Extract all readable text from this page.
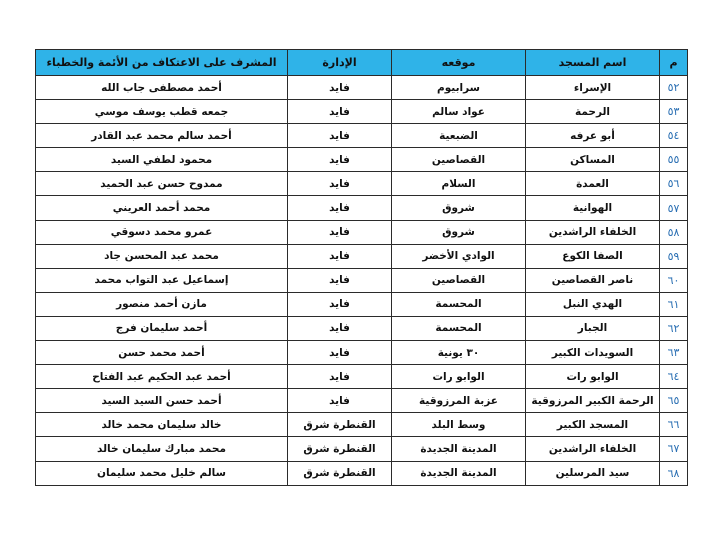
م	اسم المسجد	موقعه	الإدارة	المشرف على الاعتكاف من الأئمة والخطباء
٥٢	الإسراء	سرابيوم	فايد	أحمد مصطفى جاب الله
٥٣	الرحمة	عواد سالم	فايد	جمعه قطب يوسف موسي
٥٤	أبو عرفه	الضبعية	فايد	أحمد سالم محمد عبد القادر
٥٥	المساكن	القصاصين	فايد	محمود لطفي السيد
٥٦	العمدة	السلام	فايد	ممدوح حسن عبد الحميد
٥٧	الهوانية	شروق	فايد	محمد أحمد العريني
٥٨	الخلفاء الراشدين	شروق	فايد	عمرو محمد دسوقي
٥٩	الصفا الكوع	الوادي الأخضر	فايد	محمد عبد المحسن جاد
٦٠	ناصر القصاصين	القصاصين	فايد	إسماعيل عبد التواب محمد
٦١	الهدي النبل	المحسمة	فايد	مازن أحمد منصور
٦٢	الجبار	المحسمة	فايد	أحمد سليمان فرج
٦٣	السويدات الكبير	٣٠ يونية	فايد	أحمد محمد حسن
٦٤	الوابو رات	الوابو رات	فايد	أحمد عبد الحكيم عبد الفتاح
٦٥	الرحمة الكبير المرزوقية	عزبة المرزوقية	فايد	أحمد حسن السيد السيد
٦٦	المسجد الكبير	وسط البلد	القنطرة شرق	خالد سليمان محمد خالد
٦٧	الخلفاء الراشدين	المدينة الجديدة	القنطرة شرق	محمد مبارك سليمان خالد
٦٨	سيد المرسلين	المدينة الجديدة	القنطرة شرق	سالم خليل محمد سليمان
